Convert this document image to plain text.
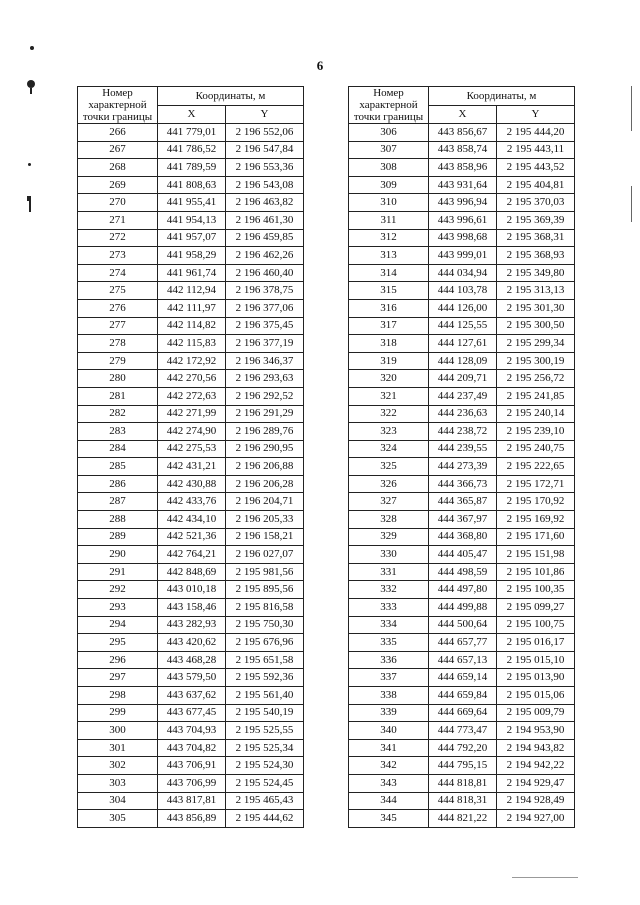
6
Номер характерной точки границы	Координаты, м	
	X	Y
266	441 779,01	2 196 552,06
267	441 786,52	2 196 547,84
268	441 789,59	2 196 553,36
269	441 808,63	2 196 543,08
270	441 955,41	2 196 463,82
271	441 954,13	2 196 461,30
272	441 957,07	2 196 459,85
273	441 958,29	2 196 462,26
274	441 961,74	2 196 460,40
275	442 112,94	2 196 378,75
276	442 111,97	2 196 377,06
277	442 114,82	2 196 375,45
278	442 115,83	2 196 377,19
279	442 172,92	2 196 346,37
280	442 270,56	2 196 293,63
281	442 272,63	2 196 292,52
282	442 271,99	2 196 291,29
283	442 274,90	2 196 289,76
284	442 275,53	2 196 290,95
285	442 431,21	2 196 206,88
286	442 430,88	2 196 206,28
287	442 433,76	2 196 204,71
288	442 434,10	2 196 205,33
289	442 521,36	2 196 158,21
290	442 764,21	2 196 027,07
291	442 848,69	2 195 981,56
292	443 010,18	2 195 895,56
293	443 158,46	2 195 816,58
294	443 282,93	2 195 750,30
295	443 420,62	2 195 676,96
296	443 468,28	2 195 651,58
297	443 579,50	2 195 592,36
298	443 637,62	2 195 561,40
299	443 677,45	2 195 540,19
300	443 704,93	2 195 525,55
301	443 704,82	2 195 525,34
302	443 706,91	2 195 524,30
303	443 706,99	2 195 524,45
304	443 817,81	2 195 465,43
305	443 856,89	2 195 444,62
Номер характерной точки границы	Координаты, м	
	X	Y
306	443 856,67	2 195 444,20
307	443 858,74	2 195 443,11
308	443 858,96	2 195 443,52
309	443 931,64	2 195 404,81
310	443 996,94	2 195 370,03
311	443 996,61	2 195 369,39
312	443 998,68	2 195 368,31
313	443 999,01	2 195 368,93
314	444 034,94	2 195 349,80
315	444 103,78	2 195 313,13
316	444 126,00	2 195 301,30
317	444 125,55	2 195 300,50
318	444 127,61	2 195 299,34
319	444 128,09	2 195 300,19
320	444 209,71	2 195 256,72
321	444 237,49	2 195 241,85
322	444 236,63	2 195 240,14
323	444 238,72	2 195 239,10
324	444 239,55	2 195 240,75
325	444 273,39	2 195 222,65
326	444 366,73	2 195 172,71
327	444 365,87	2 195 170,92
328	444 367,97	2 195 169,92
329	444 368,80	2 195 171,60
330	444 405,47	2 195 151,98
331	444 498,59	2 195 101,86
332	444 497,80	2 195 100,35
333	444 499,88	2 195 099,27
334	444 500,64	2 195 100,75
335	444 657,77	2 195 016,17
336	444 657,13	2 195 015,10
337	444 659,14	2 195 013,90
338	444 659,84	2 195 015,06
339	444 669,64	2 195 009,79
340	444 773,47	2 194 953,90
341	444 792,20	2 194 943,82
342	444 795,15	2 194 942,22
343	444 818,81	2 194 929,47
344	444 818,31	2 194 928,49
345	444 821,22	2 194 927,00
